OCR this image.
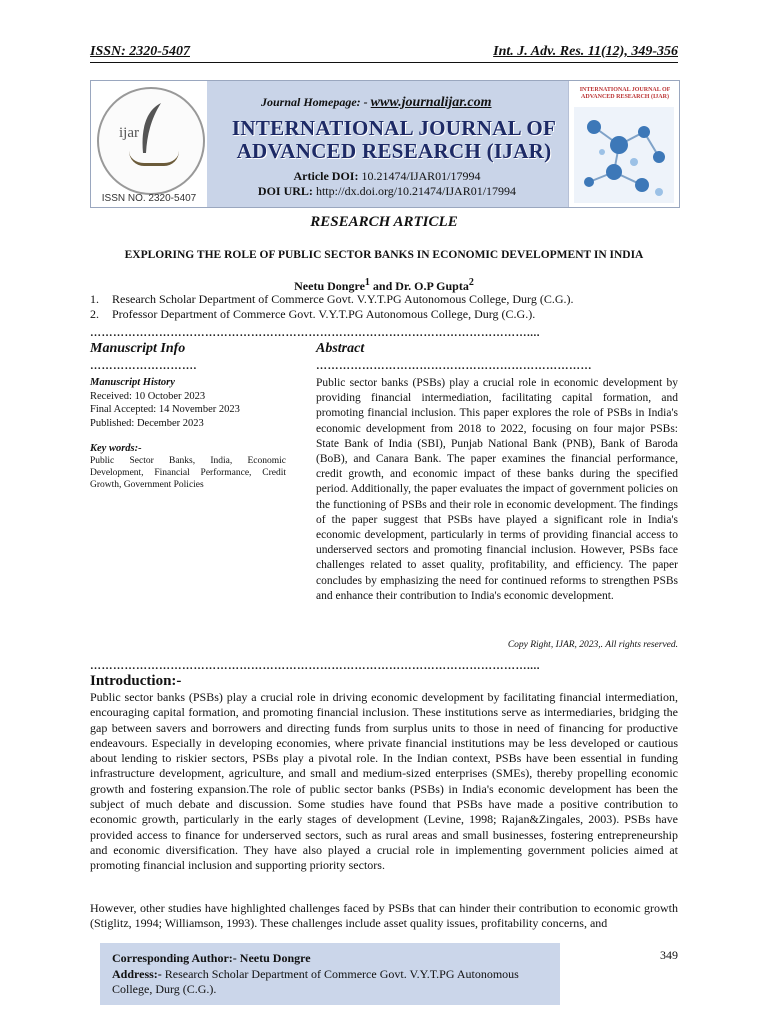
ISSN: 2320-5407	Int. J. Adv. Res. 11(12), 349-356
ijar
ISSN NO. 2320-5407
Journal Homepage: - www.journalijar.com
INTERNATIONAL JOURNAL OF
ADVANCED RESEARCH (IJAR)
Article DOI: 10.21474/IJAR01/17994
DOI URL: http://dx.doi.org/10.21474/IJAR01/17994
INTERNATIONAL JOURNAL OF
ADVANCED RESEARCH (IJAR)
RESEARCH ARTICLE
EXPLORING THE ROLE OF PUBLIC SECTOR BANKS IN ECONOMIC DEVELOPMENT IN INDIA
Neetu Dongre$^1$ and Dr. O.P Gupta$^2$
1. Research Scholar Department of Commerce Govt. V.Y.T.PG Autonomous College, Durg (C.G.).
2. Professor Department of Commerce Govt. V.Y.T.PG Autonomous College, Durg (C.G.).
……………………………………………………………………………………………………....
Manuscript Info	Abstract
……………………….	………………………………………………………………
Manuscript History
Received: 10 October 2023
Final Accepted: 14 November 2023
Published: December 2023
Key words:-
Public Sector Banks, India, Economic Development, Financial Performance, Credit Growth, Government Policies
Public sector banks (PSBs) play a crucial role in economic development by providing financial intermediation, facilitating capital formation, and promoting financial inclusion. This paper explores the role of PSBs in India's economic development from 2018 to 2022, focusing on four major PSBs: State Bank of India (SBI), Punjab National Bank (PNB), Bank of Baroda (BoB), and Canara Bank. The paper examines the financial performance, credit growth, and economic impact of these banks during the specified period. Additionally, the paper evaluates the impact of government policies on the functioning of PSBs and their role in economic development. The findings of the paper suggest that PSBs have played a significant role in India's economic development, particularly in terms of providing financial access to underserved sectors and promoting financial inclusion. However, PSBs face challenges related to asset quality, profitability, and efficiency. The paper concludes by emphasizing the need for continued reforms to strengthen PSBs and enhance their contribution to India's economic development.
Copy Right, IJAR, 2023,. All rights reserved.
……………………………………………………………………………………………………....
Introduction:-
Public sector banks (PSBs) play a crucial role in driving economic development by facilitating financial intermediation, encouraging capital formation, and promoting financial inclusion. These institutions serve as intermediaries, bridging the gap between savers and borrowers and directing funds from surplus units to those in need of financing for productive endeavours. Especially in developing economies, where private financial institutions may be less developed or cautious about lending to riskier sectors, PSBs play a pivotal role. In the Indian context, PSBs have been essential in funding infrastructure development, agriculture, and small and medium-sized enterprises (SMEs), thereby propelling economic growth and fostering expansion.The role of public sector banks (PSBs) in India's economic development has been the subject of much debate and discussion. Some studies have found that PSBs have made a positive contribution to economic growth, particularly in the early stages of development (Levine, 1998; Rajan&Zingales, 2003). PSBs have provided access to finance for underserved sectors, such as rural areas and small businesses, fostering entrepreneurship and economic diversification. They have also played a crucial role in implementing government policies aimed at promoting financial inclusion and supporting priority sectors.
However, other studies have highlighted challenges faced by PSBs that can hinder their contribution to economic growth (Stiglitz, 1994; Williamson, 1993). These challenges include asset quality issues, profitability concerns, and
Corresponding Author:- Neetu Dongre
Address:- Research Scholar Department of Commerce Govt. V.Y.T.PG Autonomous College, Durg (C.G.).
349
